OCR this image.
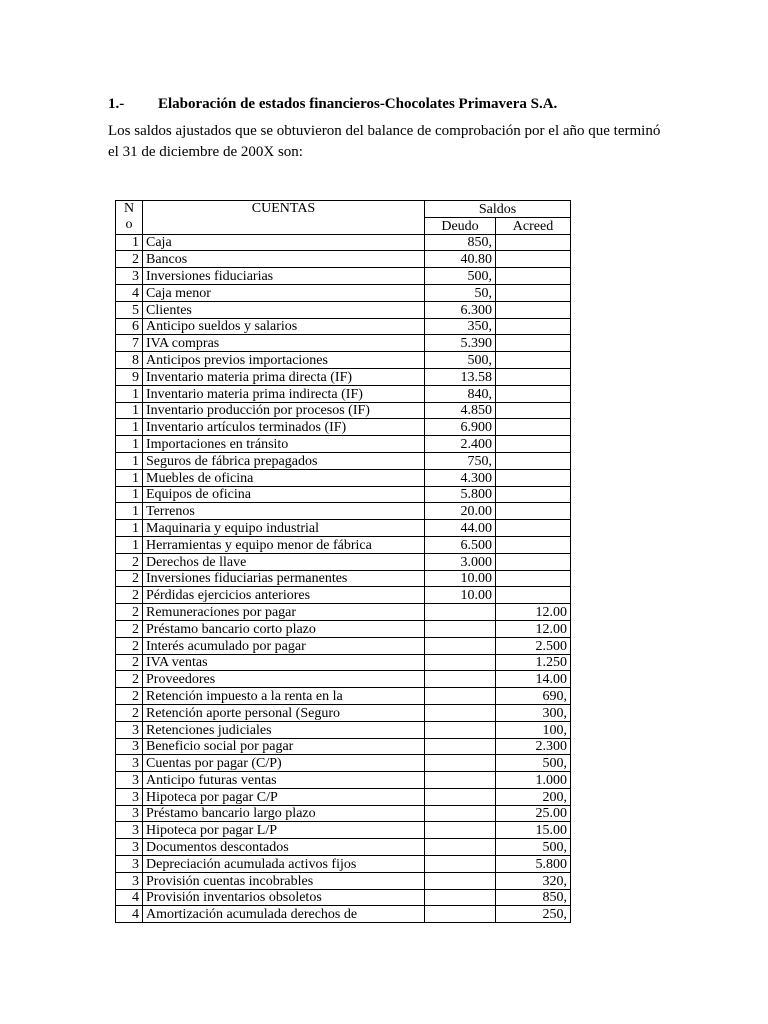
1.- Elaboración de estados financieros-Chocolates Primavera S.A.
Los saldos ajustados que se obtuvieron del balance de comprobación por el año que terminó el 31 de diciembre de 200X son:
N
o	CUENTAS	Saldos	
		Deudo	Acreed
1	Caja	850,	
2	Bancos	40.80	
3	Inversiones fiduciarias	500,	
4	Caja menor	50,	
5	Clientes	6.300	
6	Anticipo sueldos y salarios	350,	
7	IVA compras	5.390	
8	Anticipos previos importaciones	500,	
9	Inventario materia prima directa (IF)	13.58	
1	Inventario materia prima indirecta (IF)	840,	
1	Inventario producción por procesos (IF)	4.850	
1	Inventario artículos terminados (IF)	6.900	
1	Importaciones en tránsito	2.400	
1	Seguros de fábrica prepagados	750,	
1	Muebles de oficina	4.300	
1	Equipos de oficina	5.800	
1	Terrenos	20.00	
1	Maquinaria y equipo industrial	44.00	
1	Herramientas y equipo menor de fábrica	6.500	
2	Derechos de llave	3.000	
2	Inversiones fiduciarias permanentes	10.00	
2	Pérdidas ejercicios anteriores	10.00	
2	Remuneraciones por pagar		12.00
2	Préstamo bancario corto plazo		12.00
2	Interés acumulado por pagar		2.500
2	IVA ventas		1.250
2	Proveedores		14.00
2	Retención impuesto a la renta en la		690,
2	Retención aporte personal (Seguro		300,
3	Retenciones judiciales		100,
3	Beneficio social por pagar		2.300
3	Cuentas por pagar (C/P)		500,
3	Anticipo futuras ventas		1.000
3	Hipoteca por pagar C/P		200,
3	Préstamo bancario largo plazo		25.00
3	Hipoteca por pagar L/P		15.00
3	Documentos descontados		500,
3	Depreciación acumulada activos fijos		5.800
3	Provisión cuentas incobrables		320,
4	Provisión inventarios obsoletos		850,
4	Amortización acumulada derechos de		250,
